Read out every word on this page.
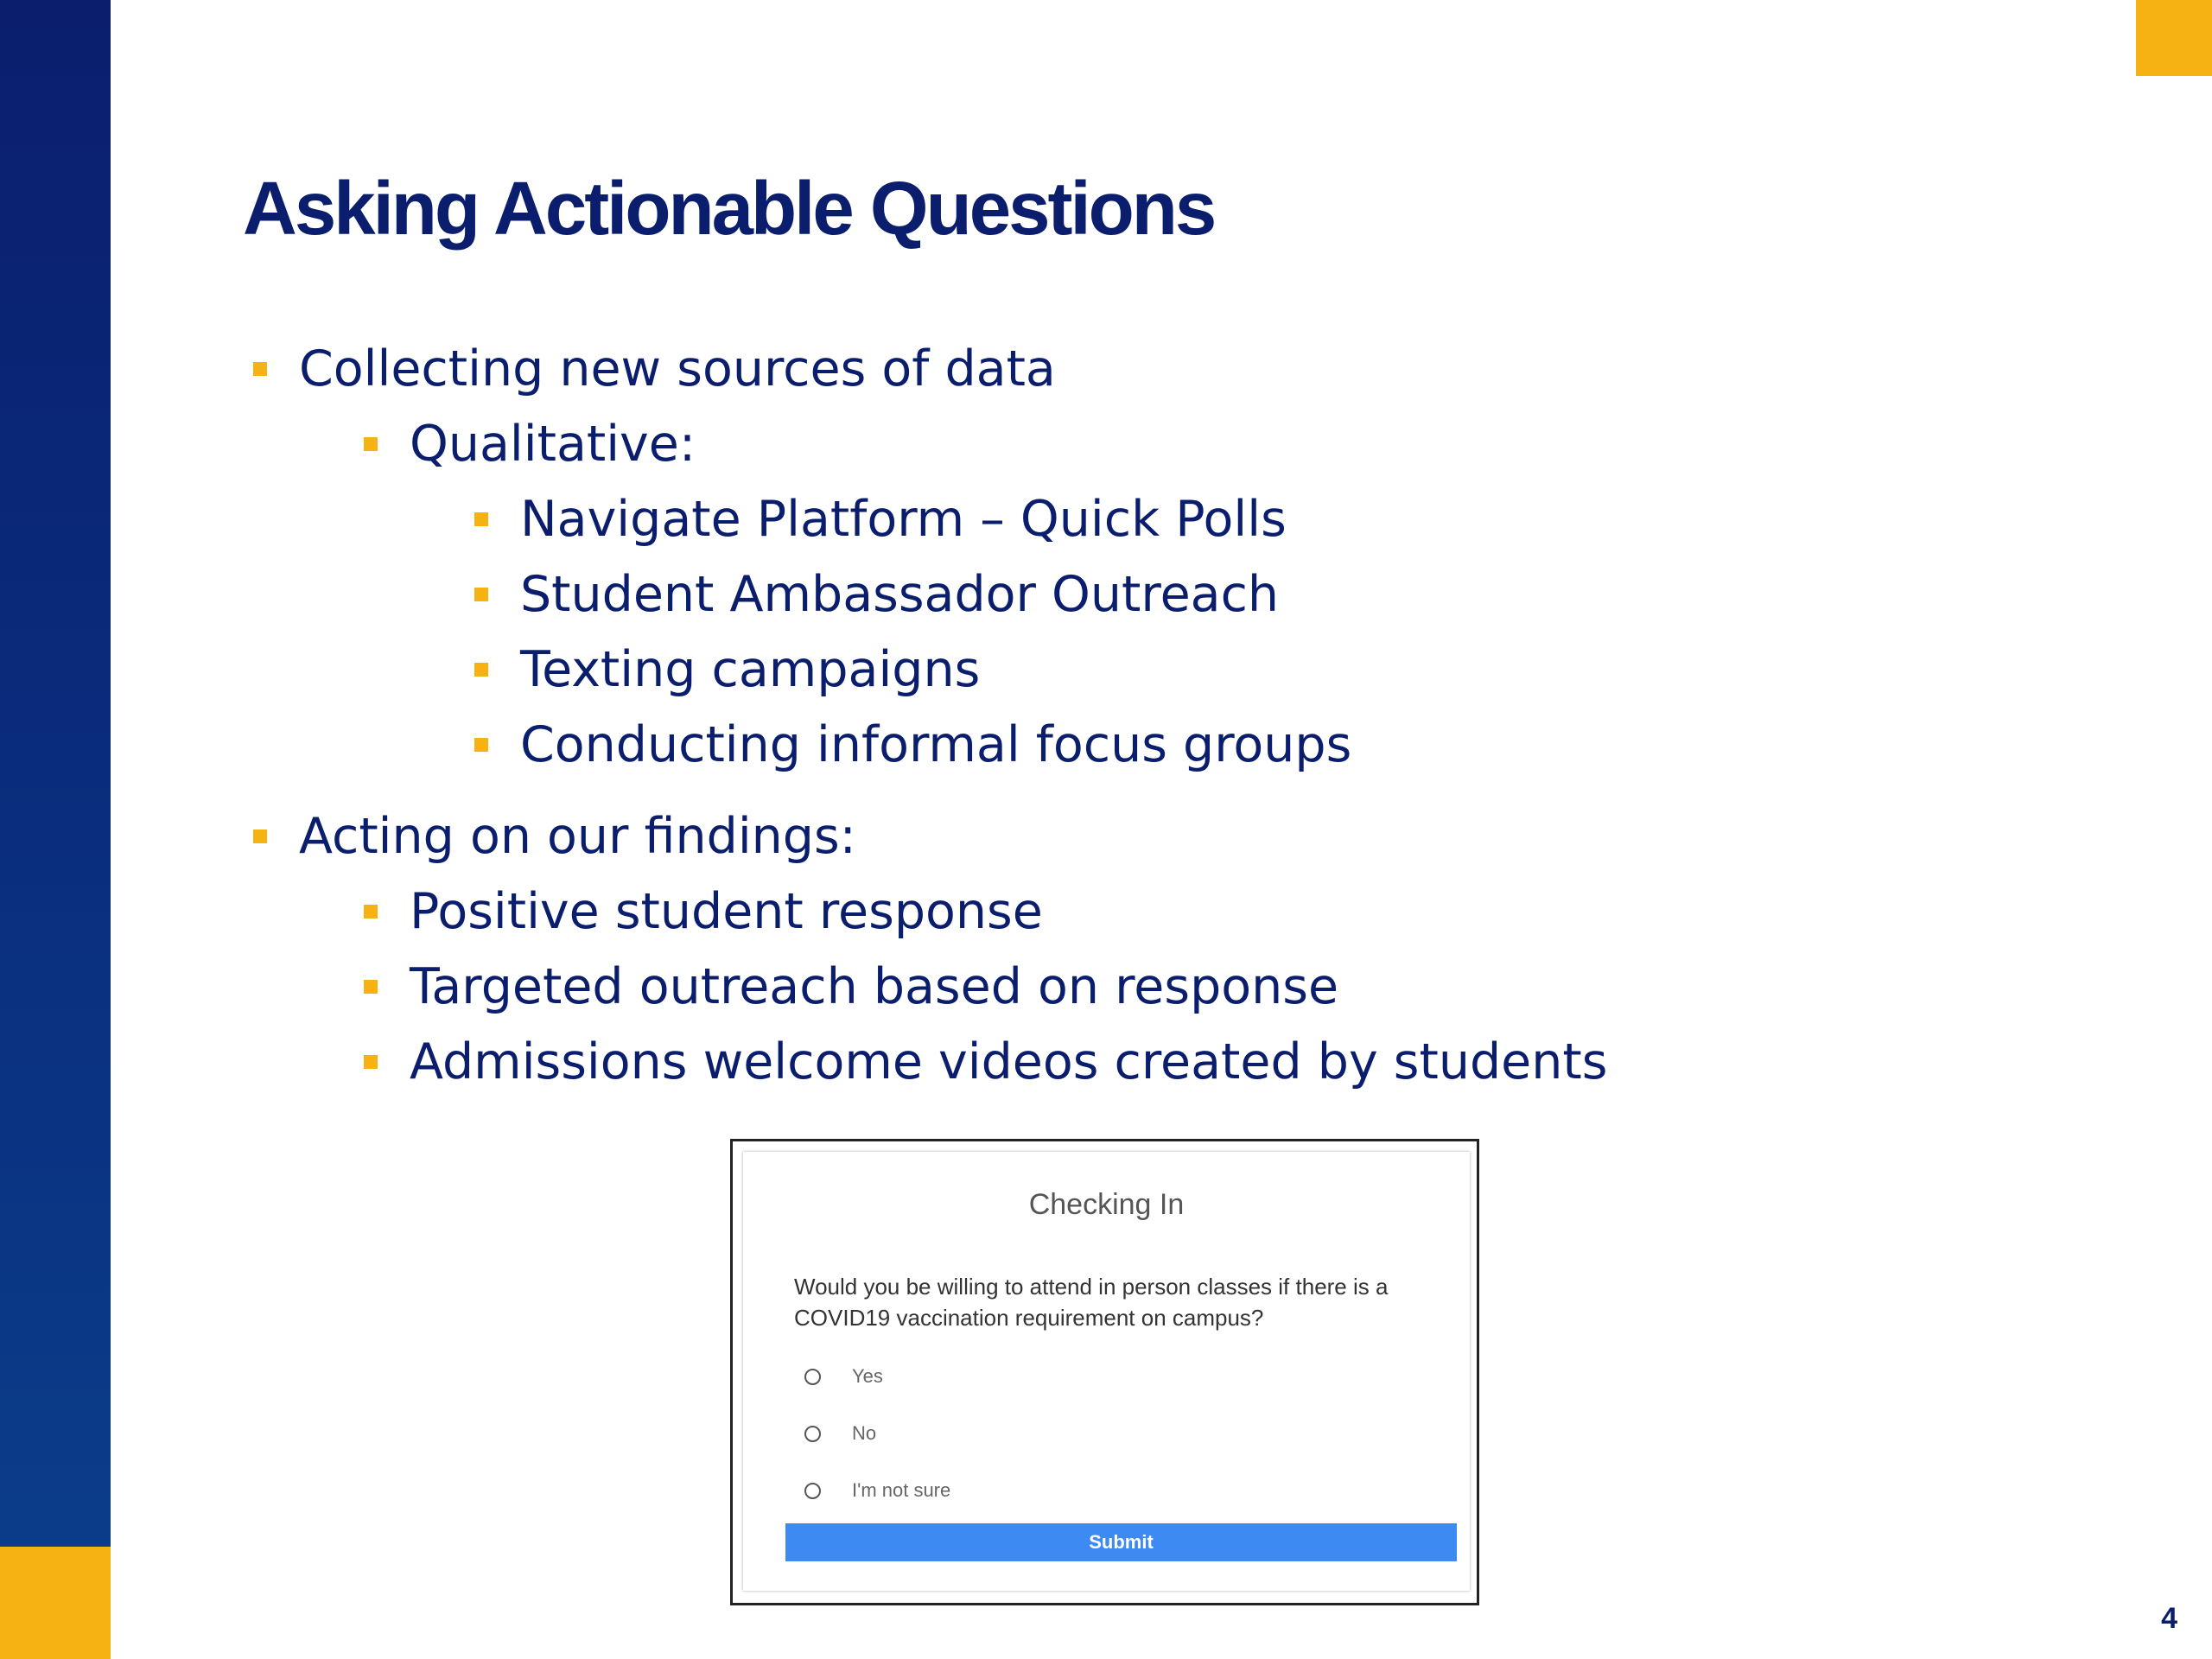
Asking Actionable Questions
Collecting new sources of data
Qualitative:
Navigate Platform – Quick Polls
Student Ambassador Outreach
Texting campaigns
Conducting informal focus groups
Acting on our findings:
Positive student response
Targeted outreach based on response
Admissions welcome videos created by students
Checking In
Would you be willing to attend in person classes if there is a COVID19 vaccination requirement on campus?
Yes
No
I'm not sure
Submit
4
